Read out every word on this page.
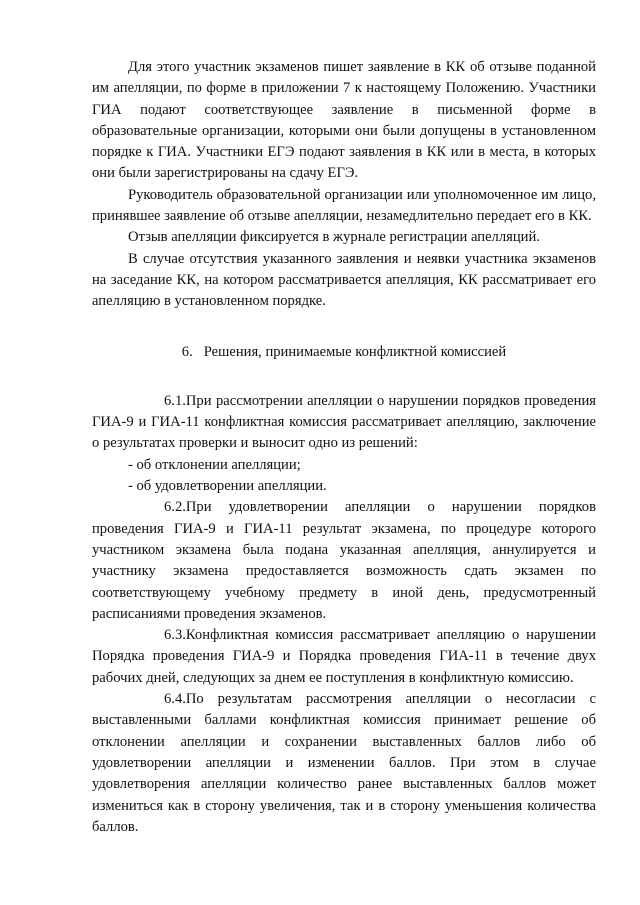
Для этого участник экзаменов пишет заявление в КК об отзыве поданной им апелляции, по форме в приложении 7 к настоящему Положению. Участники ГИА подают соответствующее заявление в письменной форме в образовательные организации, которыми они были допущены в установленном порядке к ГИА. Участники ЕГЭ подают заявления в КК или в места, в которых они были зарегистрированы на сдачу ЕГЭ.

Руководитель образовательной организации или уполномоченное им лицо, принявшее заявление об отзыве апелляции, незамедлительно передает его в КК.

Отзыв апелляции фиксируется в журнале регистрации апелляций.

В случае отсутствия указанного заявления и неявки участника экзаменов на заседание КК, на котором рассматривается апелляция, КК рассматривает его апелляцию в установленном порядке.

6. Решения, принимаемые конфликтной комиссией

6.1.При рассмотрении апелляции о нарушении порядков проведения ГИА-9 и ГИА-11 конфликтная комиссия рассматривает апелляцию, заключение о результатах проверки и выносит одно из решений:

- об отклонении апелляции;

- об удовлетворении апелляции.

6.2.При удовлетворении апелляции о нарушении порядков проведения ГИА-9 и ГИА-11 результат экзамена, по процедуре которого участником экзамена была подана указанная апелляция, аннулируется и участнику экзамена предоставляется возможность сдать экзамен по соответствующему учебному предмету в иной день, предусмотренный расписаниями проведения экзаменов.

6.3.Конфликтная комиссия рассматривает апелляцию о нарушении Порядка проведения ГИА-9 и Порядка проведения ГИА-11 в течение двух рабочих дней, следующих за днем ее поступления в конфликтную комиссию.

6.4.По результатам рассмотрения апелляции о несогласии с выставленными баллами конфликтная комиссия принимает решение об отклонении апелляции и сохранении выставленных баллов либо об удовлетворении апелляции и изменении баллов. При этом в случае удовлетворения апелляции количество ранее выставленных баллов может измениться как в сторону увеличения, так и в сторону уменьшения количества баллов.
